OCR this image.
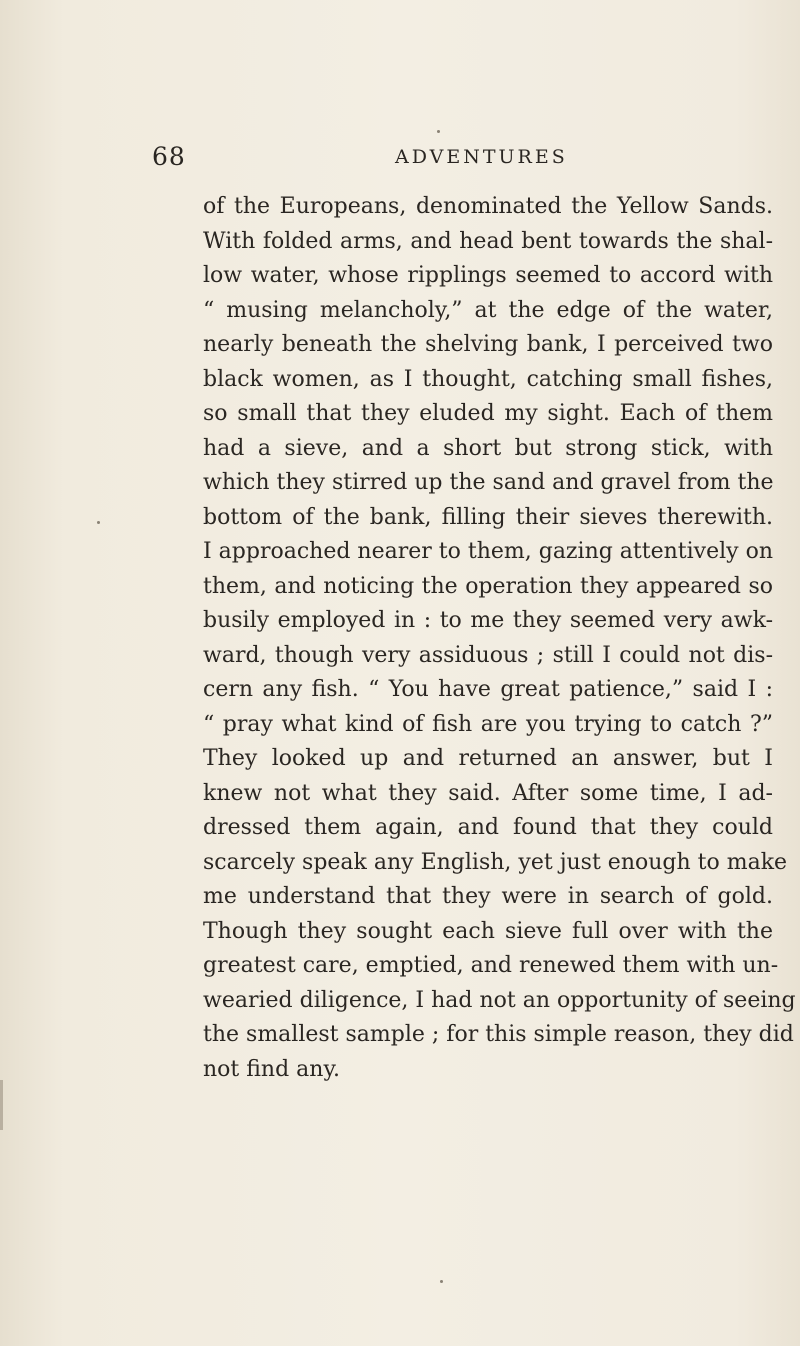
68	ADVENTURES
of the Europeans, denominated the Yellow Sands.
With folded arms, and head bent towards the shal-
low water, whose ripplings seemed to accord with
“ musing melancholy,” at the edge of the water,
nearly beneath the shelving bank, I perceived two
black women, as I thought, catching small fishes,
so small that they eluded my sight. Each of them
had a sieve, and a short but strong stick, with
which they stirred up the sand and gravel from the
bottom of the bank, filling their sieves therewith.
I approached nearer to them, gazing attentively on
them, and noticing the operation they appeared so
busily employed in : to me they seemed very awk-
ward, though very assiduous ; still I could not dis-
cern any fish. “ You have great patience,” said I :
“ pray what kind of fish are you trying to catch ?”
They looked up and returned an answer, but I
knew not what they said. After some time, I ad-
dressed them again, and found that they could
scarcely speak any English, yet just enough to make
me understand that they were in search of gold.
Though they sought each sieve full over with the
greatest care, emptied, and renewed them with un-
wearied diligence, I had not an opportunity of seeing
the smallest sample ; for this simple reason, they did
not find any.
